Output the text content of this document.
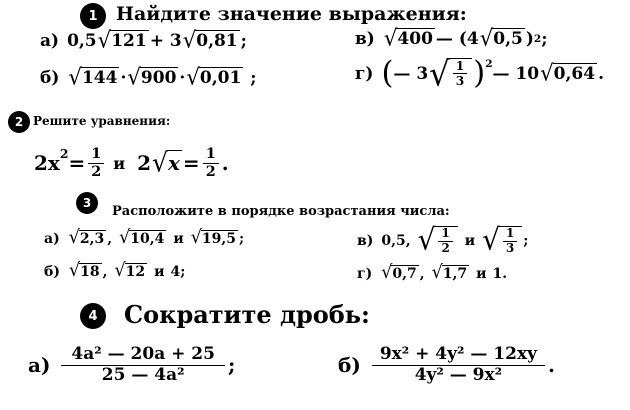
1 Найдите значение выражения:
а) 0,5 √ 121 + 3 √ 0,81 ;
б) √ 144 · √ 900 · √ 0,01 ;
в) √ 400 — (4 √ 0,5 ) 2 ;
г) ( — 3 √ $\frac{1}{3} )^2$
— 10 √ 0,64 .
2 Решите уравнения:
$2x^2 = \frac{1}{2}$ и 2 √ $x = \frac{1}{2}$ .
3
Расположите в порядке возрастания числа:
а) √ 2,3 , √ 10,4 и √ 19,5 ;
б) √ 18 , √ 12 и 4 ;
в) 0,5, √ $\frac{1}{2}$ и √ $\frac{1}{3}$ ;
г) √ 0,7 , √ 1,7 и 1.
4 Сократите дробь:
$а) \frac{\text{4a² — 20a + 25}}{\text{25 — 4a²}}$ ;	$б) \frac{\text{9x² + 4y² — 12xy}}{\text{4y² — 9x²}}$ .
